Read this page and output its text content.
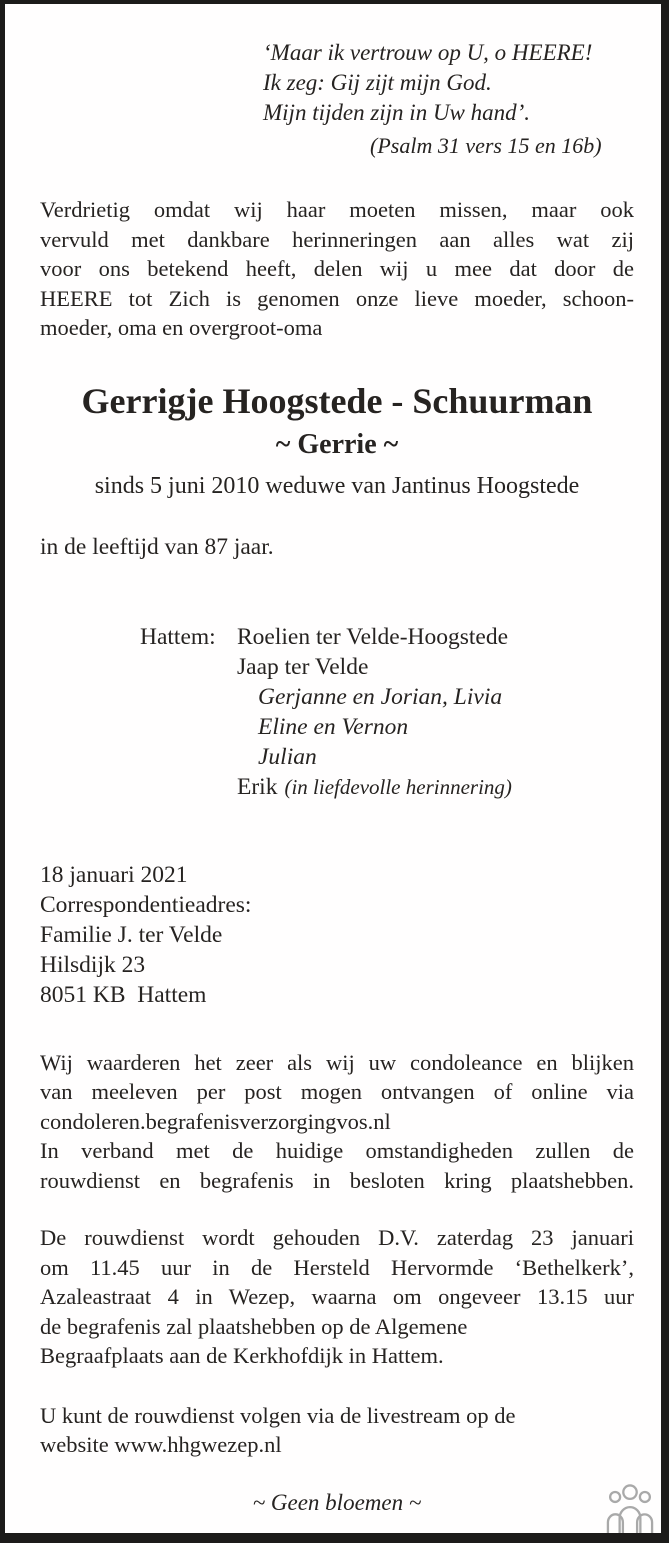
‘Maar ik vertrouw op U, o HEERE!
Ik zeg: Gij zijt mijn God.
Mijn tijden zijn in Uw hand’.
(Psalm 31 vers 15 en 16b)
Verdrietig omdat wij haar moeten missen, maar ook
vervuld met dankbare herinneringen aan alles wat zij
voor ons betekend heeft, delen wij u mee dat door de
HEERE tot Zich is genomen onze lieve moeder, schoon-
moeder, oma en overgroot-oma
Gerrigje Hoogstede - Schuurman
~ Gerrie ~
sinds 5 juni 2010 weduwe van Jantinus Hoogstede
in de leeftijd van 87 jaar.
Hattem: Roelien ter Velde-Hoogstede
Jaap ter Velde
Gerjanne en Jorian, Livia
Eline en Vernon
Julian
Erik (in liefdevolle herinnering)
18 januari 2021
Correspondentieadres:
Familie J. ter Velde
Hilsdijk 23
8051 KB  Hattem
Wij waarderen het zeer als wij uw condoleance en blijken
van meeleven per post mogen ontvangen of online via
condoleren.begrafenisverzorgingvos.nl
In verband met de huidige omstandigheden zullen de
rouwdienst en begrafenis in besloten kring plaatshebben.
De rouwdienst wordt gehouden D.V. zaterdag 23 januari
om 11.45 uur in de Hersteld Hervormde ‘Bethelkerk’,
Azaleastraat 4 in Wezep, waarna om ongeveer 13.15 uur
de begrafenis zal plaatshebben op de Algemene
Begraafplaats aan de Kerkhofdijk in Hattem.
U kunt de rouwdienst volgen via de livestream op de
website www.hhgwezep.nl
~ Geen bloemen ~
